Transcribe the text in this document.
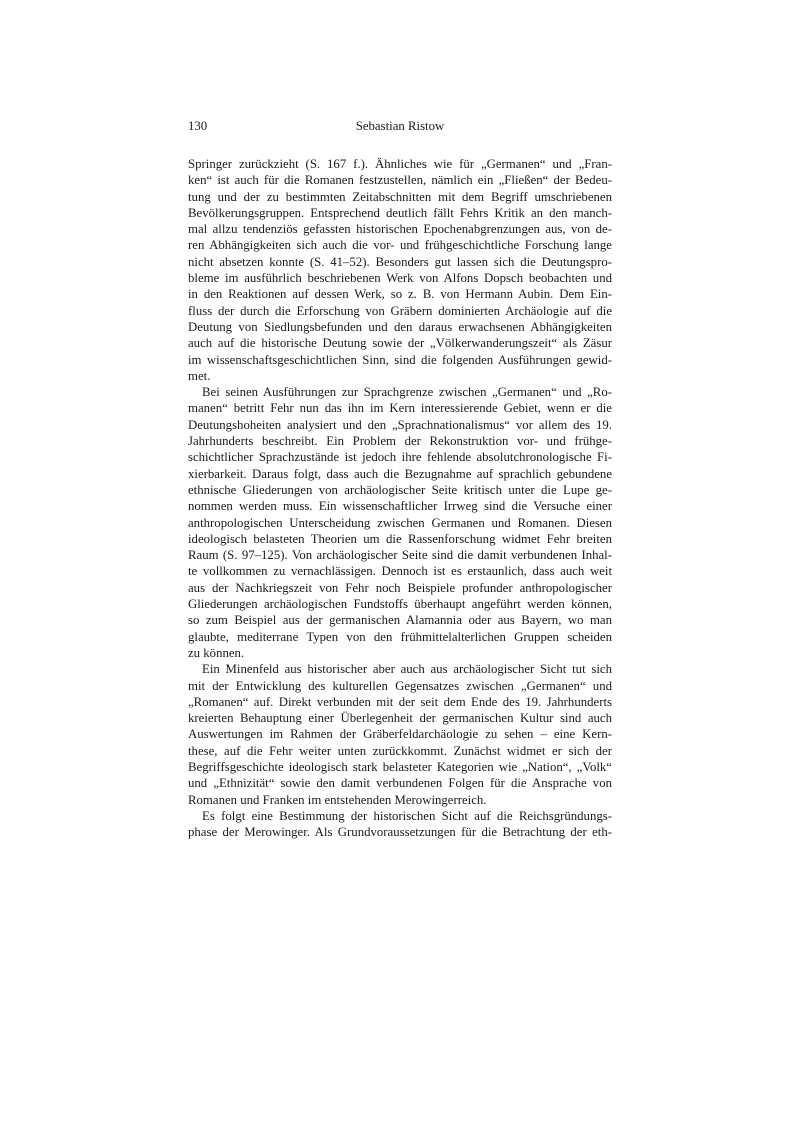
130	Sebastian Ristow

Springer zurückzieht (S. 167 f.). Ähnliches wie für „Germanen“ und „Fran-
ken“ ist auch für die Romanen festzustellen, nämlich ein „Fließen“ der Bedeu-
tung und der zu bestimmten Zeitabschnitten mit dem Begriff umschriebenen
Bevölkerungsgruppen. Entsprechend deutlich fällt Fehrs Kritik an den manch-
mal allzu tendenziös gefassten historischen Epochenabgrenzungen aus, von de-
ren Abhängigkeiten sich auch die vor- und frühgeschichtliche Forschung lange
nicht absetzen konnte (S. 41–52). Besonders gut lassen sich die Deutungspro-
bleme im ausführlich beschriebenen Werk von Alfons Dopsch beobachten und
in den Reaktionen auf dessen Werk, so z. B. von Hermann Aubin. Dem Ein-
fluss der durch die Erforschung von Gräbern dominierten Archäologie auf die
Deutung von Siedlungsbefunden und den daraus erwachsenen Abhängigkeiten
auch auf die historische Deutung sowie der „Völkerwanderungszeit“ als Zäsur
im wissenschaftsgeschichtlichen Sinn, sind die folgenden Ausführungen gewid-
met.

Bei seinen Ausführungen zur Sprachgrenze zwischen „Germanen“ und „Ro-
manen“ betritt Fehr nun das ihn im Kern interessierende Gebiet, wenn er die
Deutungshoheiten analysiert und den „Sprachnationalismus“ vor allem des 19.
Jahrhunderts beschreibt. Ein Problem der Rekonstruktion vor- und frühge-
schichtlicher Sprachzustände ist jedoch ihre fehlende absolutchronologische Fi-
xierbarkeit. Daraus folgt, dass auch die Bezugnahme auf sprachlich gebundene
ethnische Gliederungen von archäologischer Seite kritisch unter die Lupe ge-
nommen werden muss. Ein wissenschaftlicher Irrweg sind die Versuche einer
anthropologischen Unterscheidung zwischen Germanen und Romanen. Diesen
ideologisch belasteten Theorien um die Rassenforschung widmet Fehr breiten
Raum (S. 97–125). Von archäologischer Seite sind die damit verbundenen Inhal-
te vollkommen zu vernachlässigen. Dennoch ist es erstaunlich, dass auch weit
aus der Nachkriegszeit von Fehr noch Beispiele profunder anthropologischer
Gliederungen archäologischen Fundstoffs überhaupt angeführt werden können,
so zum Beispiel aus der germanischen Alamannia oder aus Bayern, wo man
glaubte, mediterrane Typen von den frühmittelalterlichen Gruppen scheiden
zu können.

Ein Minenfeld aus historischer aber auch aus archäologischer Sicht tut sich
mit der Entwicklung des kulturellen Gegensatzes zwischen „Germanen“ und
„Romanen“ auf. Direkt verbunden mit der seit dem Ende des 19. Jahrhunderts
kreierten Behauptung einer Überlegenheit der germanischen Kultur sind auch
Auswertungen im Rahmen der Gräberfeldarchäologie zu sehen – eine Kern-
these, auf die Fehr weiter unten zurückkommt. Zunächst widmet er sich der
Begriffsgeschichte ideologisch stark belasteter Kategorien wie „Nation“, „Volk“
und „Ethnizität“ sowie den damit verbundenen Folgen für die Ansprache von
Romanen und Franken im entstehenden Merowingerreich.

Es folgt eine Bestimmung der historischen Sicht auf die Reichsgründungs-
phase der Merowinger. Als Grundvoraussetzungen für die Betrachtung der eth-
